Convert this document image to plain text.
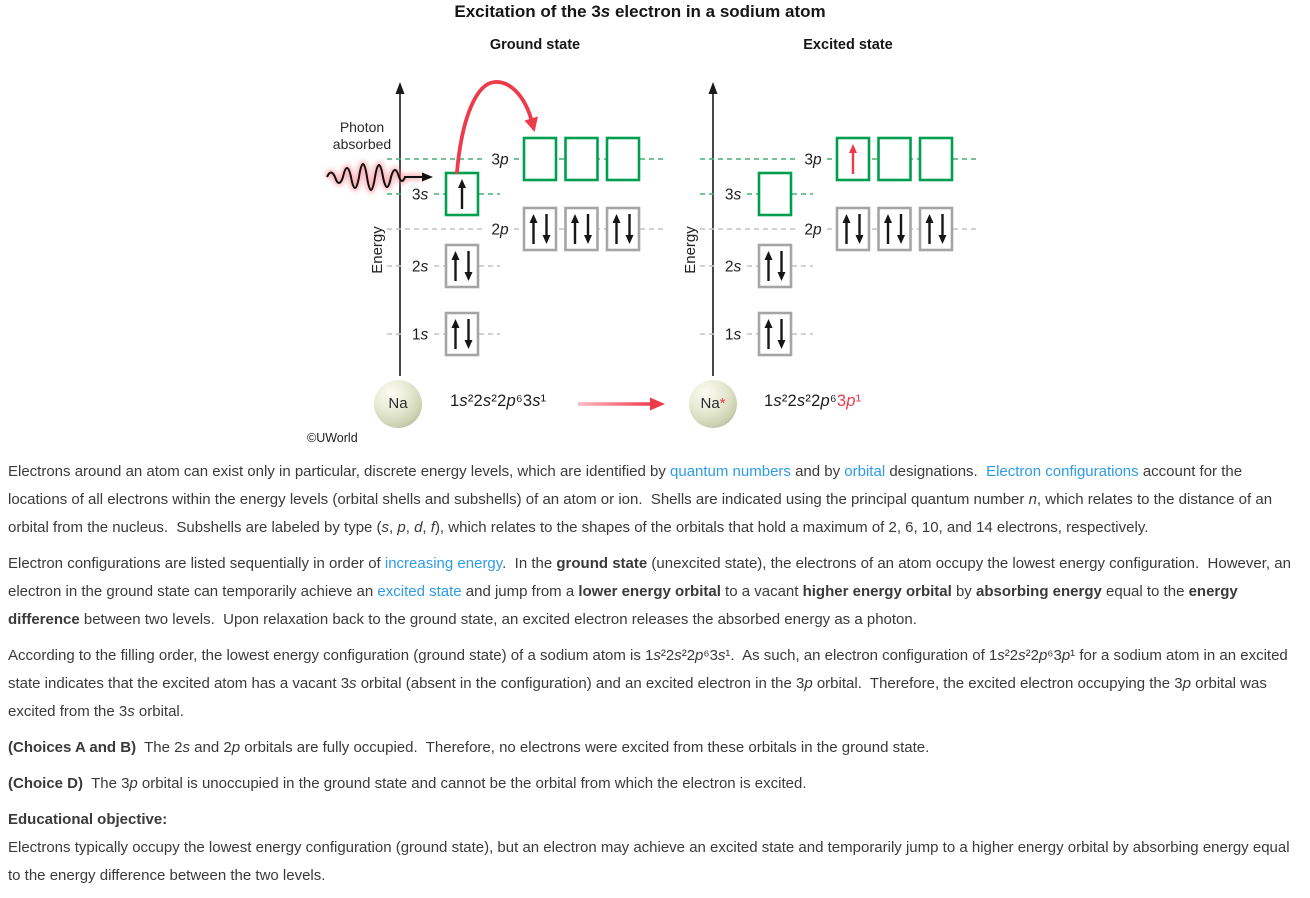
3p
3s
2p
2s
1s
3p
3s
2p
2s
1s
Excitation of the 3s electron in a sodium atom
Ground state	Excited state
Photon absorbed
Energy	Energy
Na	Na*
1s²2s²2p⁶3s¹	1s²2s²2p⁶3p¹
©UWorld

Electrons around an atom can exist only in particular, discrete energy levels, which are identified by quantum numbers and by orbital designations.  Electron configurations account for the locations of all electrons within the energy levels (orbital shells and subshells) of an atom or ion.  Shells are indicated using the principal quantum number n, which relates to the distance of an orbital from the nucleus.  Subshells are labeled by type (s, p, d, f), which relates to the shapes of the orbitals that hold a maximum of 2, 6, 10, and 14 electrons, respectively.

Electron configurations are listed sequentially in order of increasing energy.  In the ground state (unexcited state), the electrons of an atom occupy the lowest energy configuration.  However, an electron in the ground state can temporarily achieve an excited state and jump from a lower energy orbital to a vacant higher energy orbital by absorbing energy equal to the energy difference between two levels.  Upon relaxation back to the ground state, an excited electron releases the absorbed energy as a photon.

According to the filling order, the lowest energy configuration (ground state) of a sodium atom is 1s²2s²2p⁶3s¹.  As such, an electron configuration of 1s²2s²2p⁶3p¹ for a sodium atom in an excited state indicates that the excited atom has a vacant 3s orbital (absent in the configuration) and an excited electron in the 3p orbital.  Therefore, the excited electron occupying the 3p orbital was excited from the 3s orbital.

(Choices A and B)  The 2s and 2p orbitals are fully occupied.  Therefore, no electrons were excited from these orbitals in the ground state.

(Choice D)  The 3p orbital is unoccupied in the ground state and cannot be the orbital from which the electron is excited.

Educational objective:

Electrons typically occupy the lowest energy configuration (ground state), but an electron may achieve an excited state and temporarily jump to a higher energy orbital by absorbing energy equal to the energy difference between the two levels.
